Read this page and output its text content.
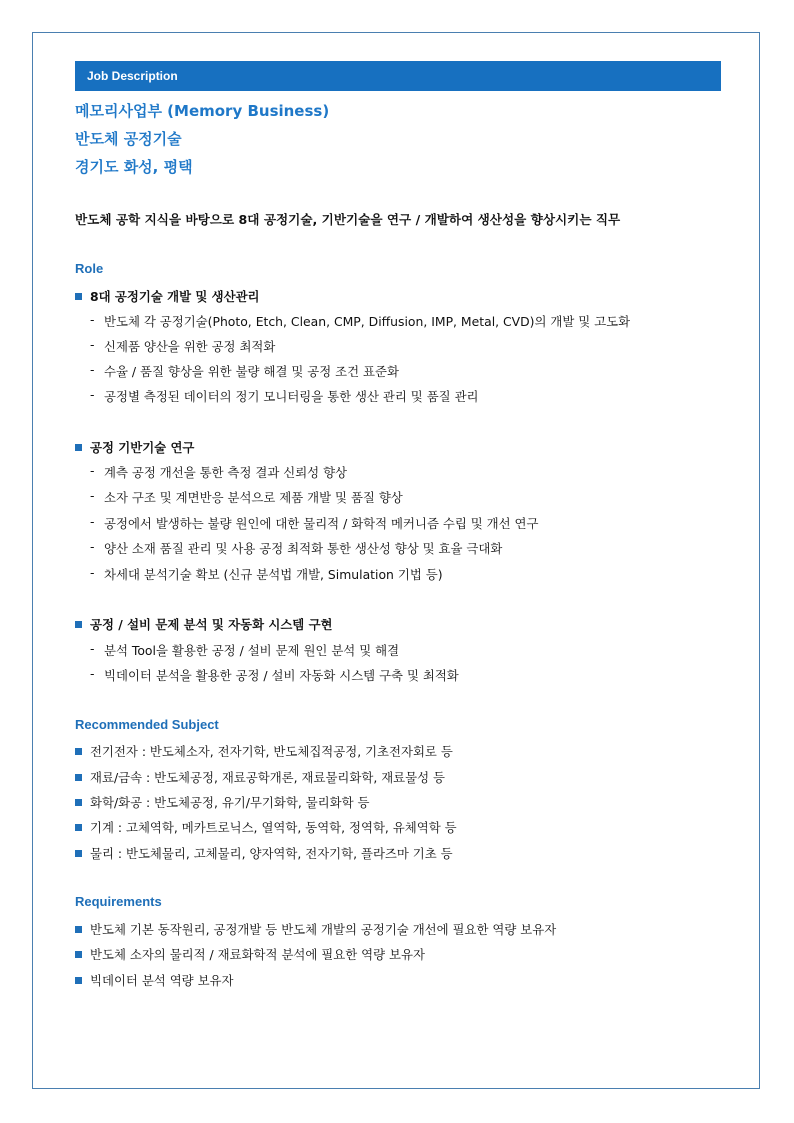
Job Description
메모리사업부 (Memory Business)
반도체 공정기술
경기도 화성, 평택
반도체 공학 지식을 바탕으로 8대 공정기술, 기반기술을 연구 / 개발하여 생산성을 향상시키는 직무
Role
8대 공정기술 개발 및 생산관리
- 반도체 각 공정기술(Photo, Etch, Clean, CMP, Diffusion, IMP, Metal, CVD)의 개발 및 고도화
- 신제품 양산을 위한 공정 최적화
- 수율 / 품질 향상을 위한 불량 해결 및 공정 조건 표준화
- 공정별 측정된 데이터의 정기 모니터링을 통한 생산 관리 및 품질 관리
공정 기반기술 연구
- 계측 공정 개선을 통한 측정 결과 신뢰성 향상
- 소자 구조 및 계면반응 분석으로 제품 개발 및 품질 향상
- 공정에서 발생하는 불량 원인에 대한 물리적 / 화학적 메커니즘 수립 및 개선 연구
- 양산 소재 품질 관리 및 사용 공정 최적화 통한 생산성 향상 및 효율 극대화
- 차세대 분석기술 확보 (신규 분석법 개발, Simulation 기법 등)
공정 / 설비 문제 분석 및 자동화 시스템 구현
- 분석 Tool을 활용한 공정 / 설비 문제 원인 분석 및 해결
- 빅데이터 분석을 활용한 공정 / 설비 자동화 시스템 구축 및 최적화
Recommended Subject
전기전자 : 반도체소자, 전자기학, 반도체집적공정, 기초전자회로 등
재료/금속 : 반도체공정, 재료공학개론, 재료물리화학, 재료물성 등
화학/화공 : 반도체공정, 유기/무기화학, 물리화학 등
기계 : 고체역학, 메카트로닉스, 열역학, 동역학, 정역학, 유체역학 등
물리 : 반도체물리, 고체물리, 양자역학, 전자기학, 플라즈마 기초 등
Requirements
반도체 기본 동작원리, 공정개발 등 반도체 개발의 공정기술 개선에 필요한 역량 보유자
반도체 소자의 물리적 / 재료화학적 분석에 필요한 역량 보유자
빅데이터 분석 역량 보유자
